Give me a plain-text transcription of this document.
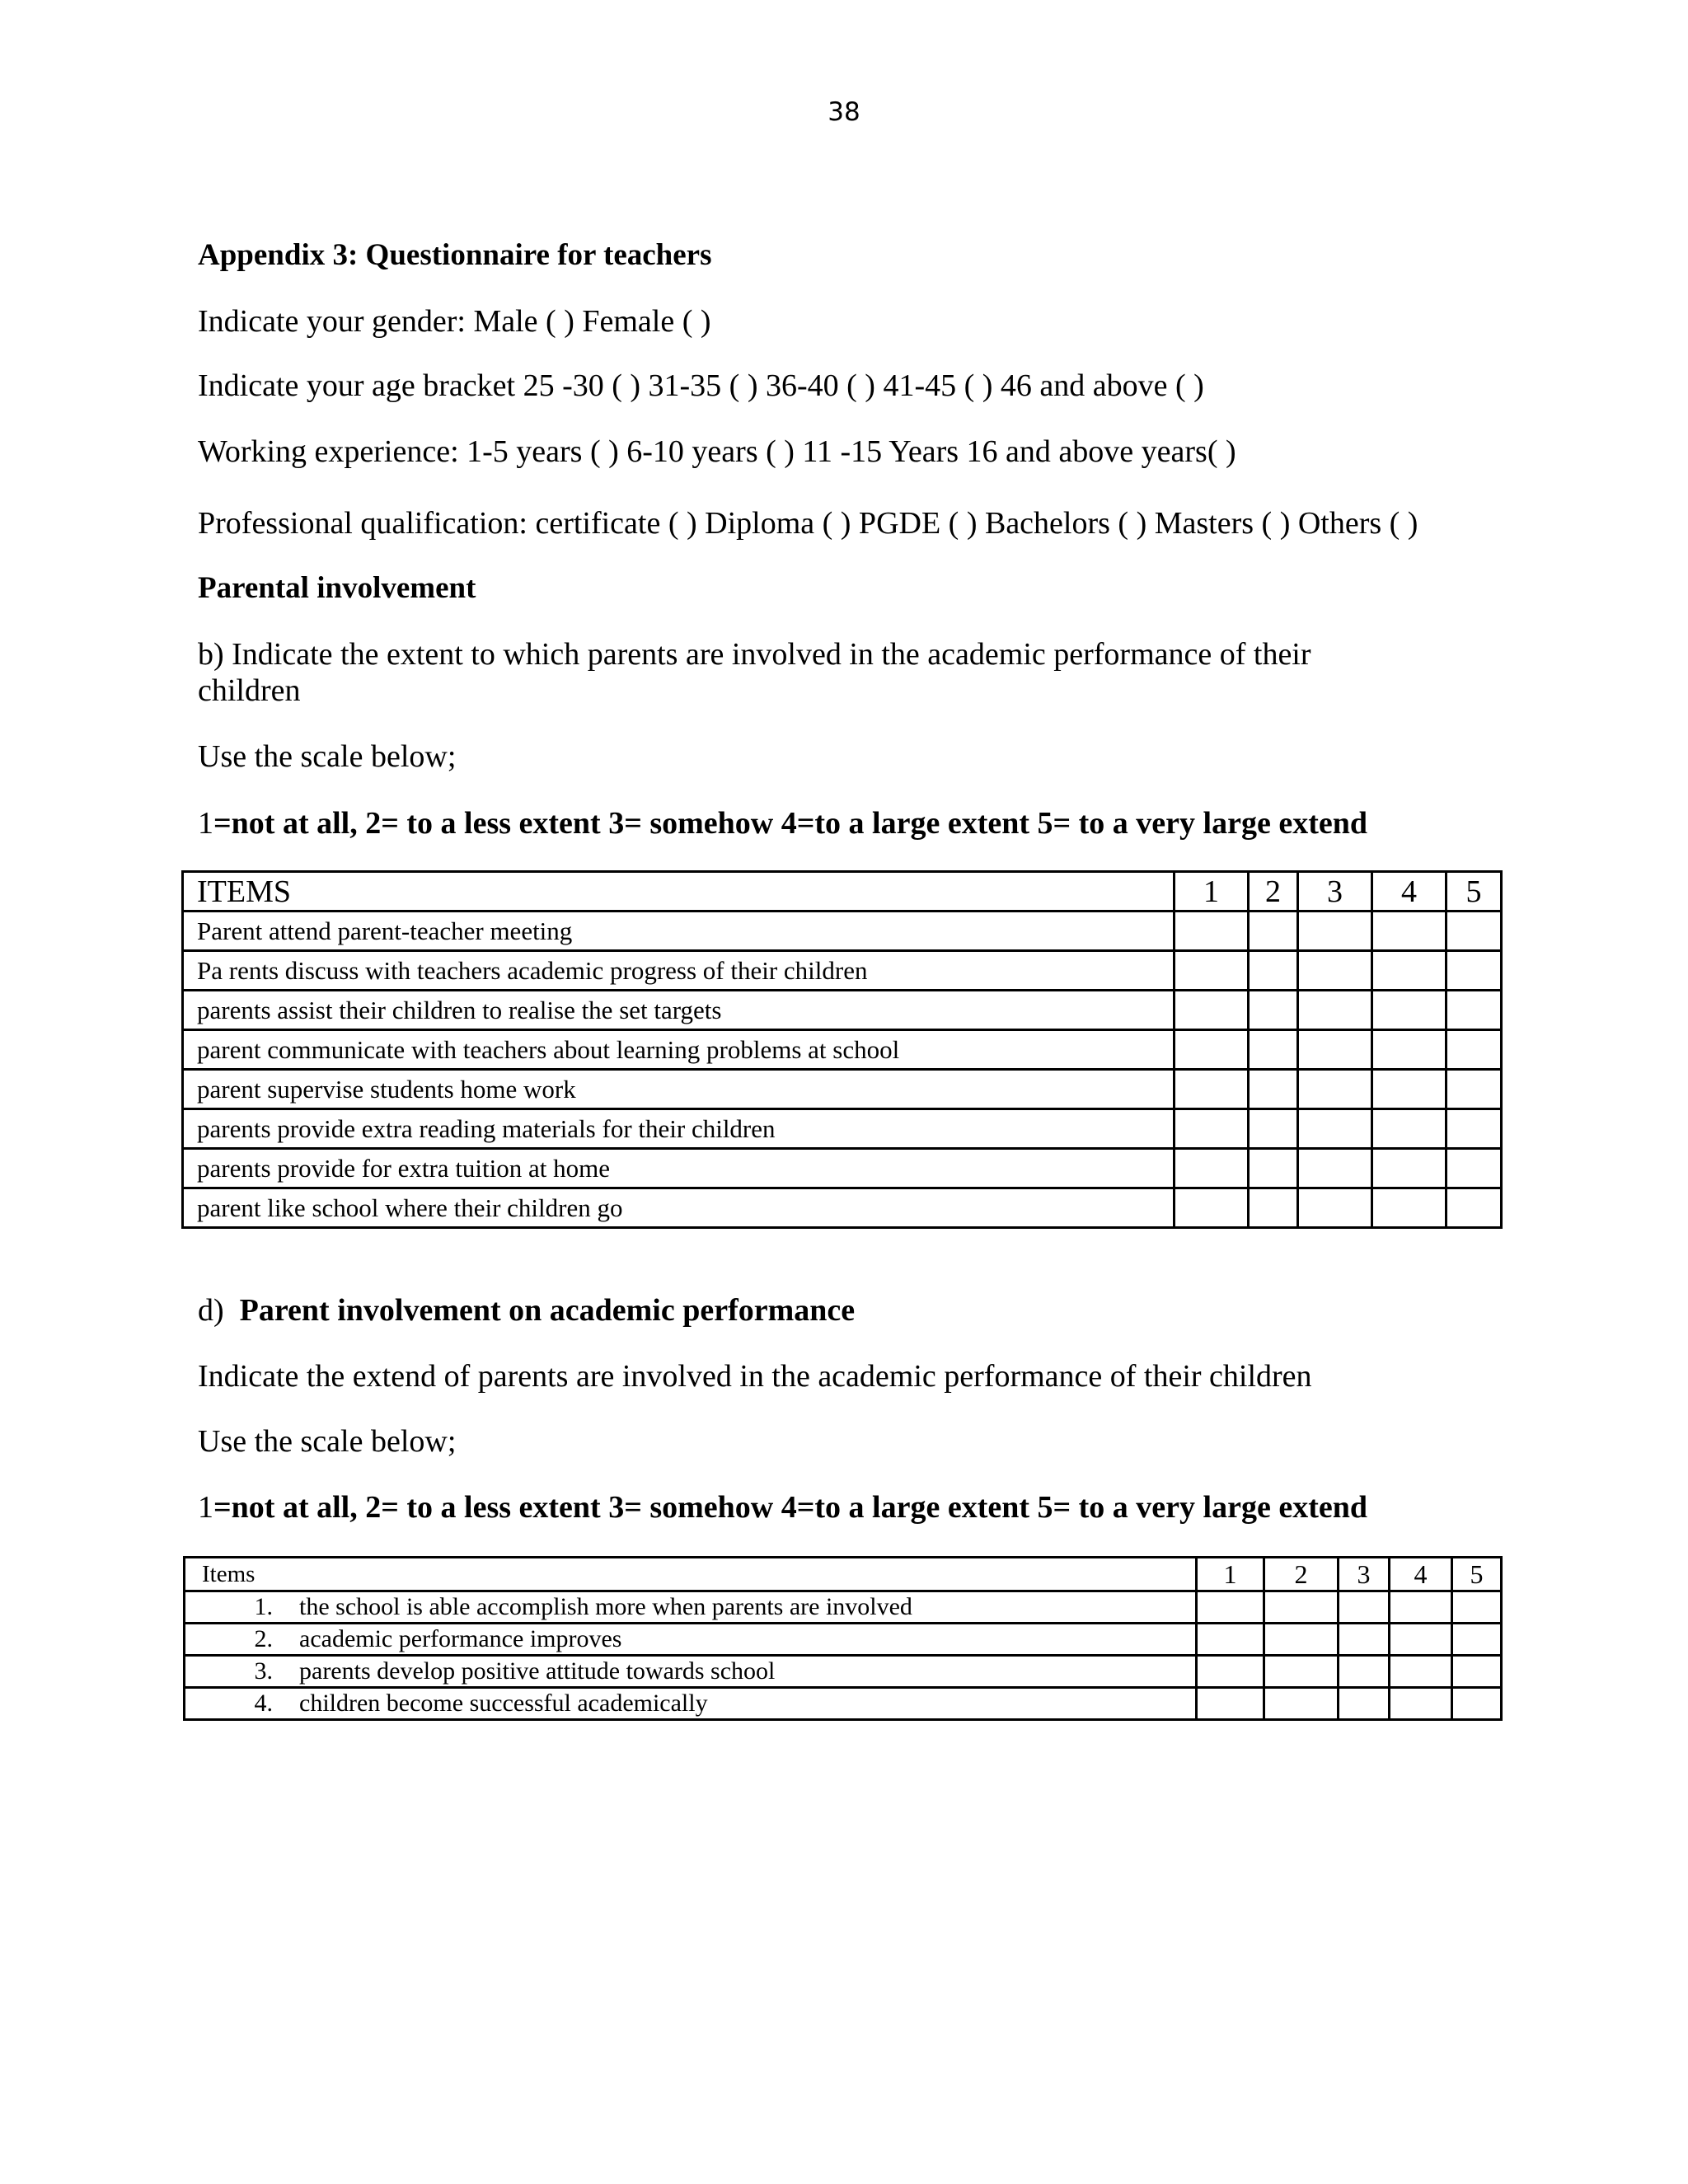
38
Appendix 3: Questionnaire for teachers
Indicate your gender: Male ( ) Female ( )
Indicate your age bracket 25 -30 ( ) 31-35 ( ) 36-40 ( ) 41-45 ( ) 46 and above ( )
Working experience: 1-5 years ( ) 6-10 years ( ) 11 -15 Years 16 and above years( )
Professional qualification: certificate ( ) Diploma ( ) PGDE ( ) Bachelors ( ) Masters ( ) Others ( )
Parental involvement
b) Indicate the extent to which parents are involved in the academic performance of their
children
Use the scale below;
1=not at all, 2= to a less extent 3= somehow 4=to a large extent 5= to a very large extend
ITEMS	1	2	3	4	5
Parent attend parent-teacher meeting					
Pa rents discuss with teachers academic progress of their children					
parents assist their children to realise the set targets					
parent communicate with teachers about learning problems at school					
parent supervise students home work					
parents provide extra reading materials for their children					
parents provide for extra tuition at home					
parent like school where their children go					
d) Parent involvement on academic performance
Indicate the extend of parents are involved in the academic performance of their children
Use the scale below;
1=not at all, 2= to a less extent 3= somehow 4=to a large extent 5= to a very large extend
Items	1	2	3	4	5
1. the school is able accomplish more when parents are involved					
2. academic performance improves					
3. parents develop positive attitude towards school					
4. children become successful academically					
